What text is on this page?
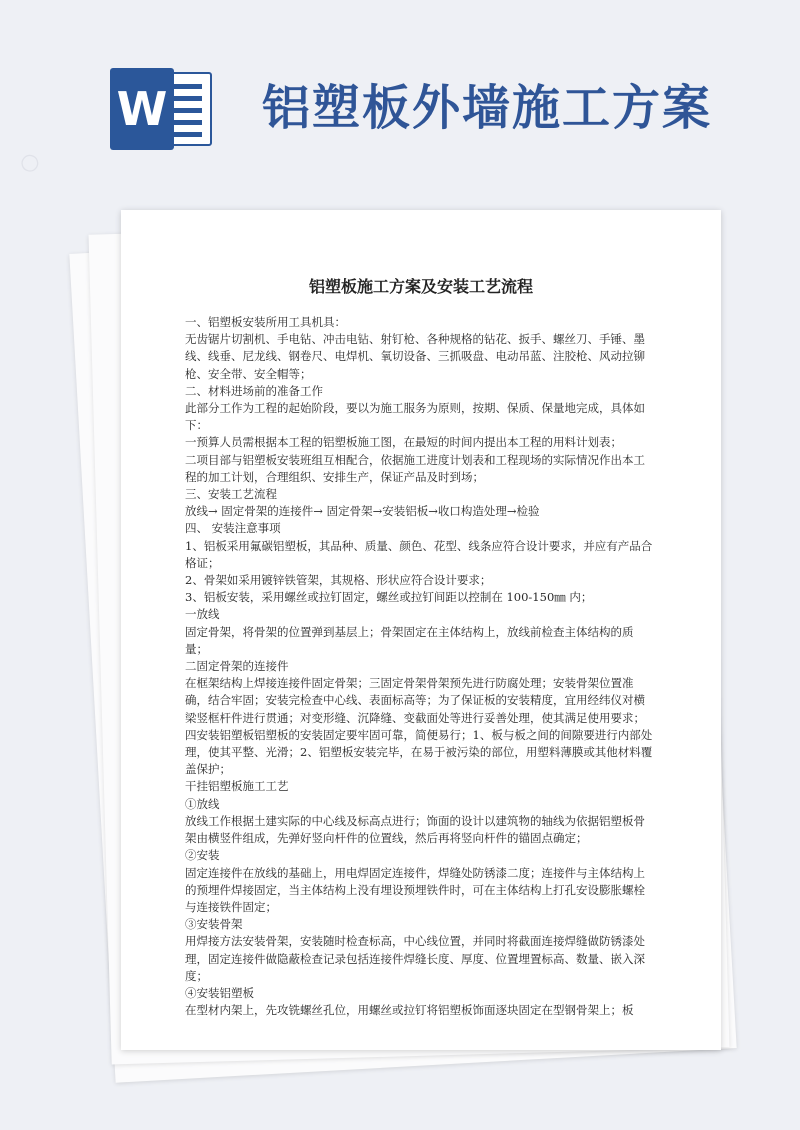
W 铝塑板外墙施工方案
铝塑板施工方案及安装工艺流程

一、铝塑板安装所用工具机具：

无齿锯片切割机、手电钻、冲击电钻、射钉枪、各种规格的钻花、扳手、螺丝刀、手锤、墨线、线垂、尼龙线、钢卷尺、电焊机、氧切设备、三抓吸盘、电动吊蓝、注胶枪、风动拉铆枪、安全带、安全帽等；

二、材料进场前的准备工作

此部分工作为工程的起始阶段，要以为施工服务为原则，按期、保质、保量地完成，具体如下：

一预算人员需根据本工程的铝塑板施工图，在最短的时间内提出本工程的用料计划表；

二项目部与铝塑板安装班组互相配合，依据施工进度计划表和工程现场的实际情况作出本工程的加工计划，合理组织、安排生产，保证产品及时到场；

三、安装工艺流程

放线→ 固定骨架的连接件→ 固定骨架→安装铝板→收口构造处理→检验

四、 安装注意事项

1、铝板采用氟碳铝塑板，其品种、质量、颜色、花型、线条应符合设计要求，并应有产品合格证；

2、骨架如采用镀锌铁管架，其规格、形状应符合设计要求；

3、铝板安装，采用螺丝或拉钉固定，螺丝或拉钉间距以控制在 100-150㎜ 内；

一放线

固定骨架，将骨架的位置弹到基层上；骨架固定在主体结构上，放线前检查主体结构的质量；

二固定骨架的连接件

在框架结构上焊接连接件固定骨架；三固定骨架骨架预先进行防腐处理；安装骨架位置准确，结合牢固；安装完检查中心线、表面标高等；为了保证板的安装精度，宜用经纬仪对横梁竖框杆件进行贯通；对变形缝、沉降缝、变截面处等进行妥善处理，使其满足使用要求；四安装铝塑板铝塑板的安装固定要牢固可靠，简便易行；1、板与板之间的间隙要进行内部处理，使其平整、光滑；2、铝塑板安装完毕，在易于被污染的部位，用塑料薄膜或其他材料覆盖保护；

干挂铝塑板施工工艺

①放线

放线工作根据土建实际的中心线及标高点进行；饰面的设计以建筑物的轴线为依据铝塑板骨架由横竖件组成，先弹好竖向杆件的位置线，然后再将竖向杆件的锚固点确定；

②安装

固定连接件在放线的基础上，用电焊固定连接件，焊缝处防锈漆二度；连接件与主体结构上的预埋件焊接固定，当主体结构上没有埋设预埋铁件时，可在主体结构上打孔安设膨胀螺栓与连接铁件固定；

③安装骨架

用焊接方法安装骨架，安装随时检查标高，中心线位置，并同时将截面连接焊缝做防锈漆处理，固定连接件做隐蔽检查记录包括连接件焊缝长度、厚度、位置埋置标高、数量、嵌入深度；

④安装铝塑板

在型材内架上，先攻铣螺丝孔位，用螺丝或拉钉将铝塑板饰面逐块固定在型钢骨架上；板

○
